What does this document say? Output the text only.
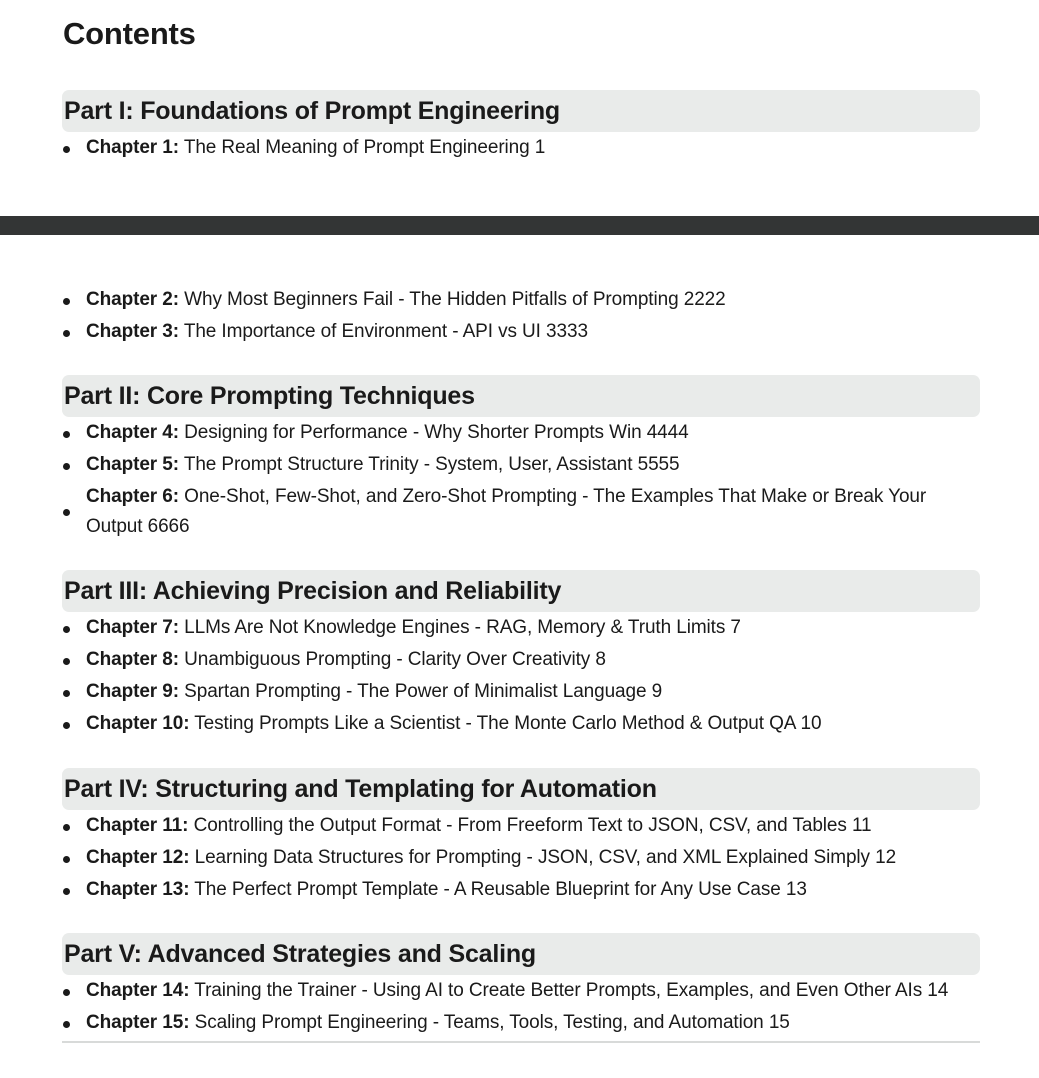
Contents
Part I: Foundations of Prompt Engineering
Chapter 1: The Real Meaning of Prompt Engineering 1
Chapter 2: Why Most Beginners Fail - The Hidden Pitfalls of Prompting 2222
Chapter 3: The Importance of Environment - API vs UI 3333
Part II: Core Prompting Techniques
Chapter 4: Designing for Performance - Why Shorter Prompts Win 4444
Chapter 5: The Prompt Structure Trinity - System, User, Assistant 5555
Chapter 6: One-Shot, Few-Shot, and Zero-Shot Prompting - The Examples That Make or Break Your Output 6666
Part III: Achieving Precision and Reliability
Chapter 7: LLMs Are Not Knowledge Engines - RAG, Memory & Truth Limits 7
Chapter 8: Unambiguous Prompting - Clarity Over Creativity 8
Chapter 9: Spartan Prompting - The Power of Minimalist Language 9
Chapter 10: Testing Prompts Like a Scientist - The Monte Carlo Method & Output QA 10
Part IV: Structuring and Templating for Automation
Chapter 11: Controlling the Output Format - From Freeform Text to JSON, CSV, and Tables 11
Chapter 12: Learning Data Structures for Prompting - JSON, CSV, and XML Explained Simply 12
Chapter 13: The Perfect Prompt Template - A Reusable Blueprint for Any Use Case 13
Part V: Advanced Strategies and Scaling
Chapter 14: Training the Trainer - Using AI to Create Better Prompts, Examples, and Even Other AIs 14
Chapter 15: Scaling Prompt Engineering - Teams, Tools, Testing, and Automation 15
